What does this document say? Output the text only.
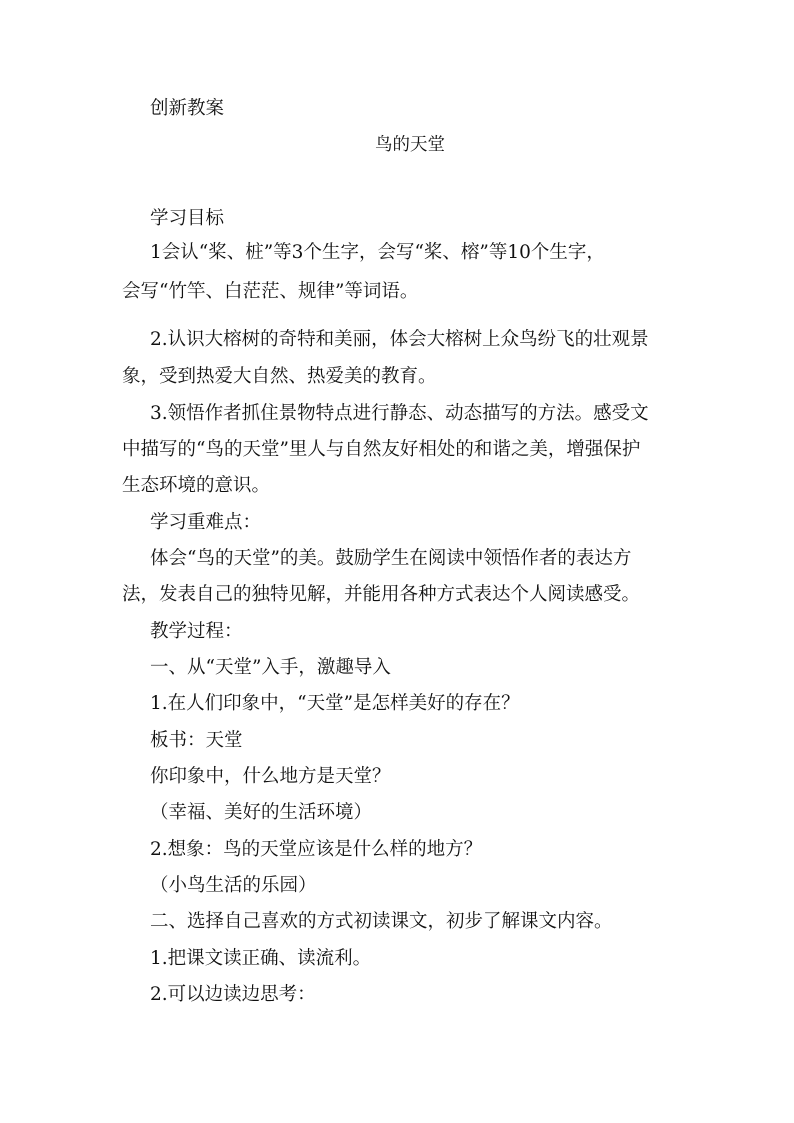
创新教案
鸟的天堂
学习目标
1会认“桨、桩”等3个生字，会写“桨、榕”等10个生字，
会写“竹竿、白茫茫、规律”等词语。
2.认识大榕树的奇特和美丽，体会大榕树上众鸟纷飞的壮观景
象，受到热爱大自然、热爱美的教育。
3.领悟作者抓住景物特点进行静态、动态描写的方法。感受文
中描写的“鸟的天堂”里人与自然友好相处的和谐之美，增强保护
生态环境的意识。
学习重难点：
体会“鸟的天堂”的美。鼓励学生在阅读中领悟作者的表达方
法，发表自己的独特见解，并能用各种方式表达个人阅读感受。
教学过程：
一、从“天堂”入手，激趣导入
1.在人们印象中，“天堂”是怎样美好的存在？
板书：天堂
你印象中，什么地方是天堂？
（幸福、美好的生活环境）
2.想象：鸟的天堂应该是什么样的地方？
（小鸟生活的乐园）
二、选择自己喜欢的方式初读课文，初步了解课文内容。
1.把课文读正确、读流利。
2.可以边读边思考：
